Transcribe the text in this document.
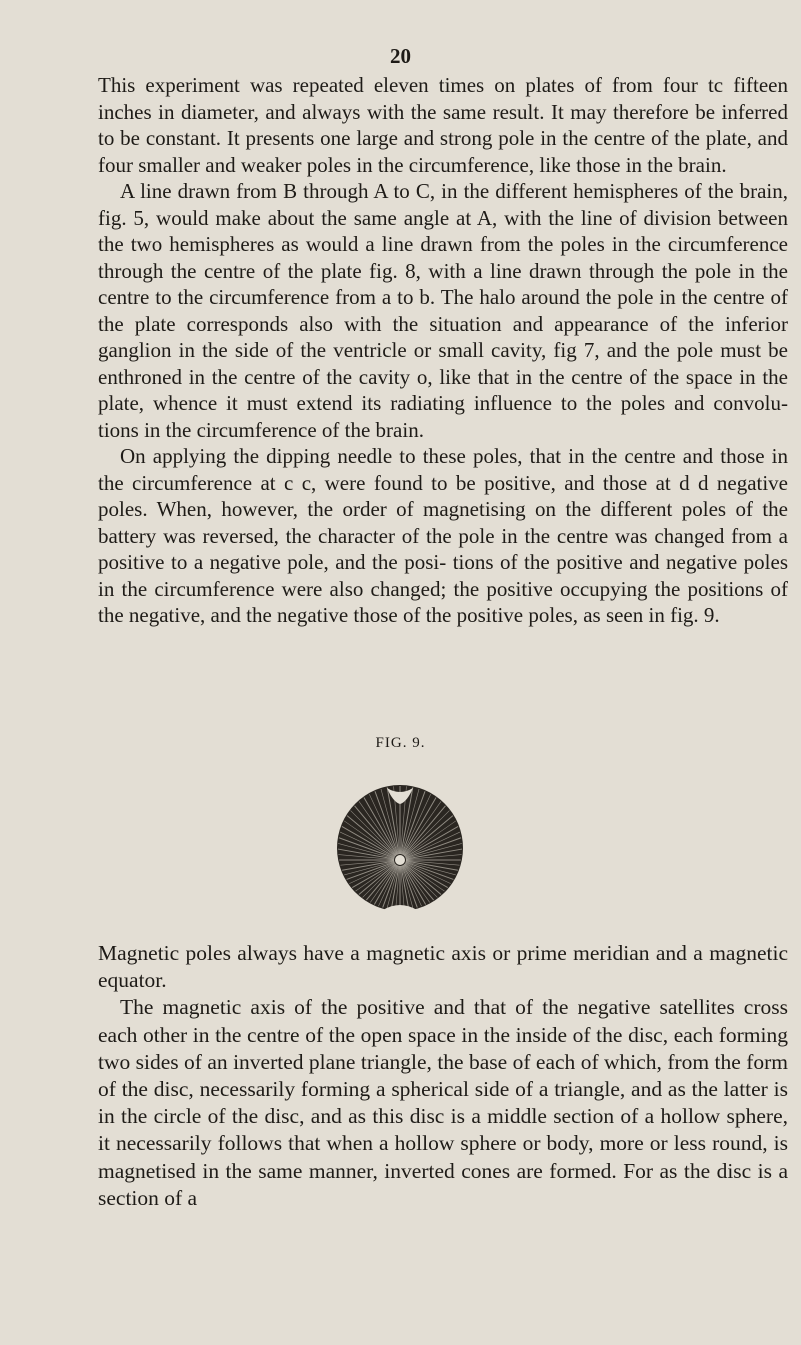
20

This experiment was repeated eleven times on plates of from four tc fifteen inches in diameter, and always with the same result. It may therefore be inferred to be constant. It presents one large and strong pole in the centre of the plate, and four smaller and weaker poles in the circumference, like those in the brain.

A line drawn from B through A to C, in the different hemispheres of the brain, fig. 5, would make about the same angle at A, with the line of division between the two hemispheres as would a line drawn from the poles in the circumference through the centre of the plate fig. 8, with a line drawn through the pole in the centre to the circumference from a to b. The halo around the pole in the centre of the plate corresponds also with the situation and appearance of the inferior ganglion in the side of the ventricle or small cavity, fig 7, and the pole must be enthroned in the centre of the cavity o, like that in the centre of the space in the plate, whence it must extend its radiating influence to the poles and convolu- tions in the circumference of the brain.

On applying the dipping needle to these poles, that in the centre and those in the circumference at c c, were found to be positive, and those at d d negative poles. When, however, the order of magnetising on the different poles of the battery was reversed, the character of the pole in the centre was changed from a positive to a negative pole, and the posi- tions of the positive and negative poles in the circumference were also changed; the positive occupying the positions of the negative, and the negative those of the positive poles, as seen in fig. 9.

FIG. 9.

Magnetic poles always have a magnetic axis or prime meridian and a magnetic equator.

The magnetic axis of the positive and that of the negative satellites cross each other in the centre of the open space in the inside of the disc, each forming two sides of an inverted plane triangle, the base of each of which, from the form of the disc, necessarily forming a spherical side of a triangle, and as the latter is in the circle of the disc, and as this disc is a middle section of a hollow sphere, it necessarily follows that when a hollow sphere or body, more or less round, is magnetised in the same manner, inverted cones are formed. For as the disc is a section of a
